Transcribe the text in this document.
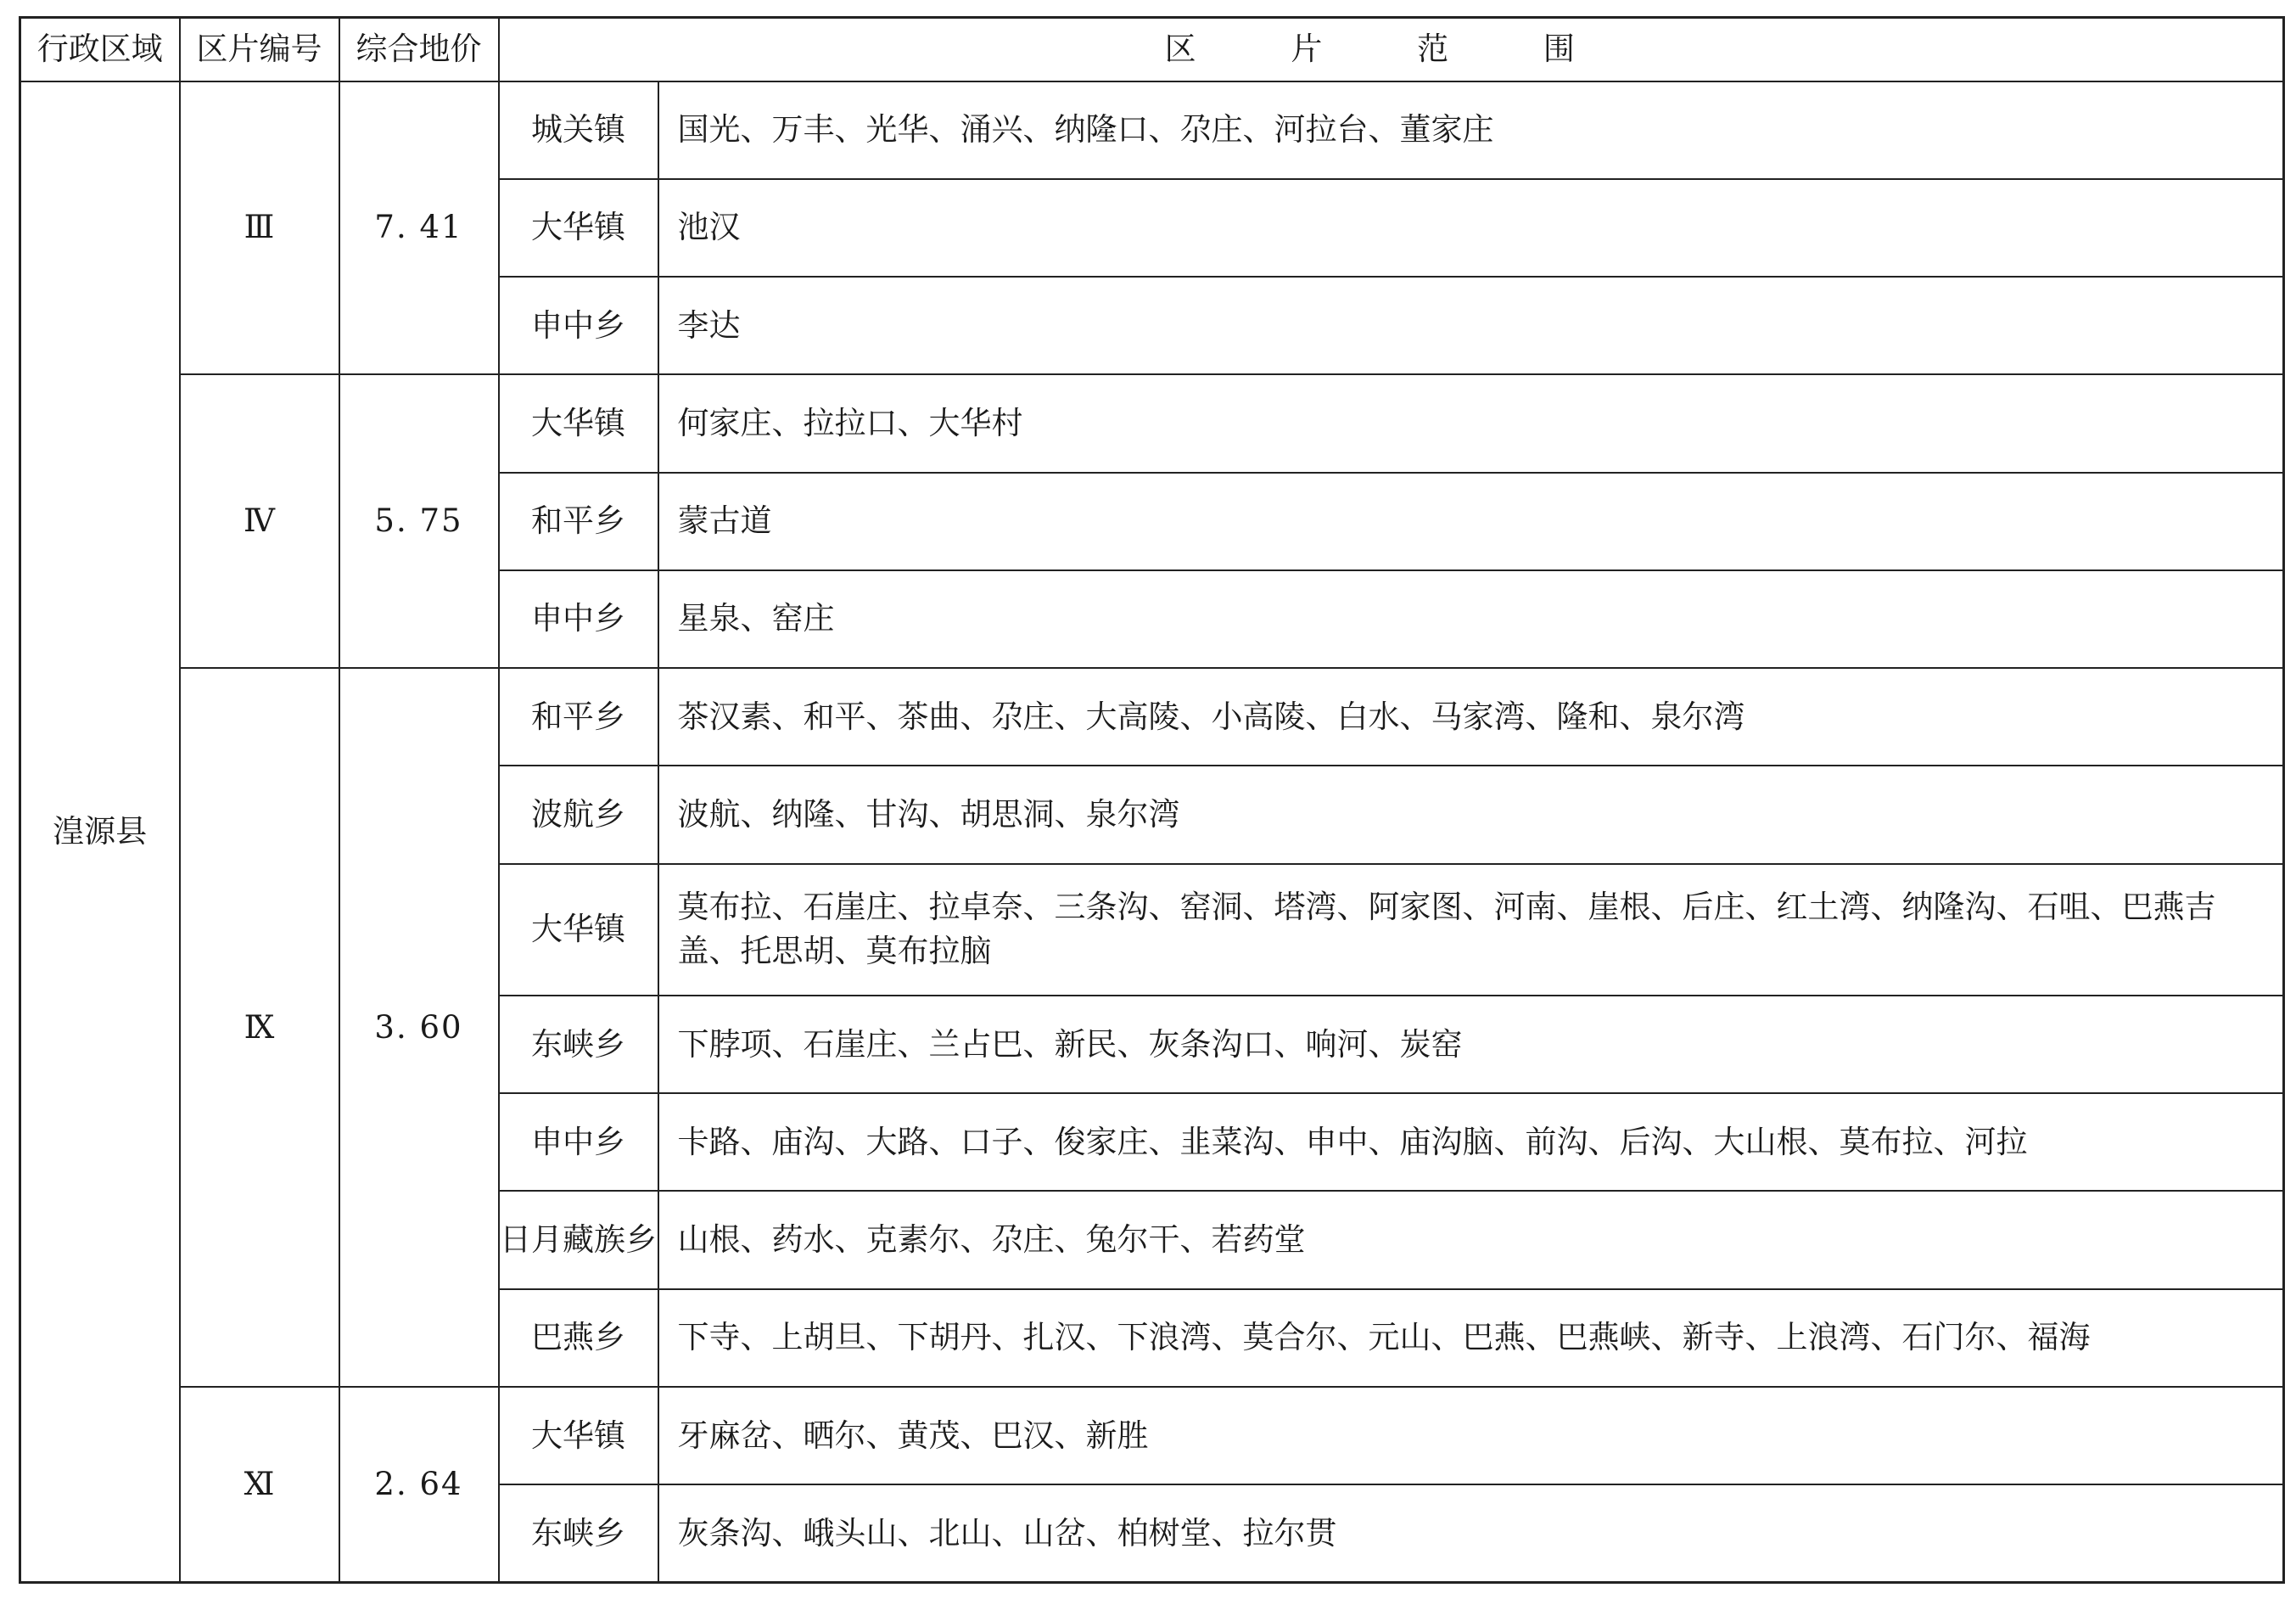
行政区域	区片编号	综合地价	区 片 范 围	
湟源县	Ⅲ	7. 41	城关镇	国光、万丰、光华、涌兴、纳隆口、尕庄、河拉台、董家庄
			大华镇	池汉
			申中乡	李达
	Ⅳ	5. 75	大华镇	何家庄、拉拉口、大华村
			和平乡	蒙古道
			申中乡	星泉、窑庄
	Ⅸ	3. 60	和平乡	茶汉素、和平、茶曲、尕庄、大高陵、小高陵、白水、马家湾、隆和、泉尔湾
			波航乡	波航、纳隆、甘沟、胡思洞、泉尔湾
			大华镇	莫布拉、石崖庄、拉卓奈、三条沟、窑洞、塔湾、阿家图、河南、崖根、后庄、红土湾、纳隆沟、石咀、巴燕吉盖、托思胡、莫布拉脑
			东峡乡	下脖项、石崖庄、兰占巴、新民、灰条沟口、响河、炭窑
			申中乡	卡路、庙沟、大路、口子、俊家庄、韭菜沟、申中、庙沟脑、前沟、后沟、大山根、莫布拉、河拉
			日月藏族乡	山根、药水、克素尔、尕庄、兔尔干、若药堂
			巴燕乡	下寺、上胡旦、下胡丹、扎汉、下浪湾、莫合尔、元山、巴燕、巴燕峡、新寺、上浪湾、石门尔、福海
	Ⅺ	2. 64	大华镇	牙麻岔、晒尔、黄茂、巴汉、新胜
			东峡乡	灰条沟、峨头山、北山、山岔、柏树堂、拉尔贯
